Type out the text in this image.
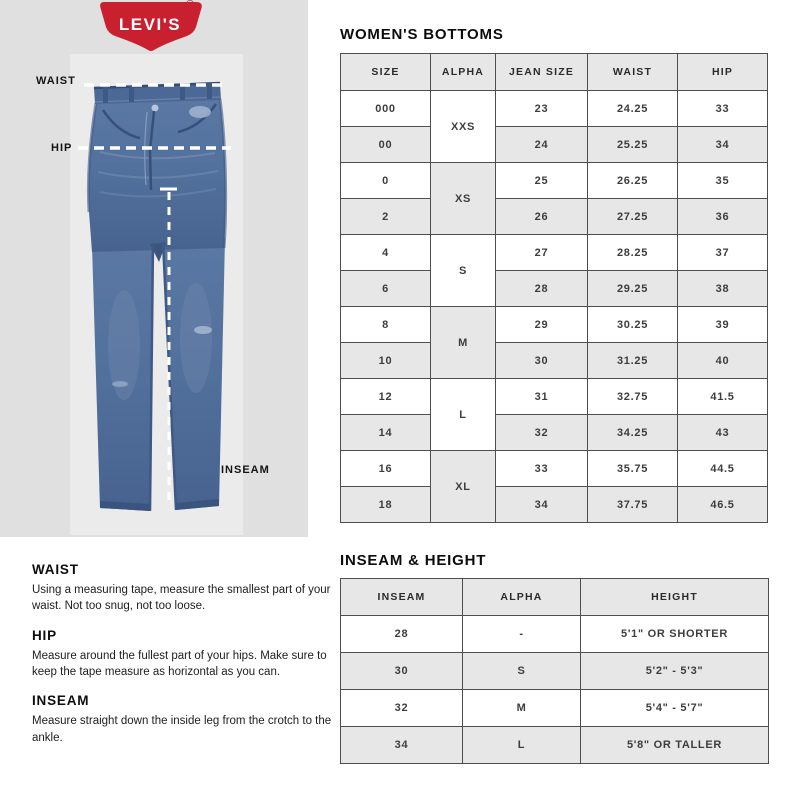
LEVI'S
®
WAIST
HIP
INSEAM
WOMEN'S BOTTOMS
SIZE	ALPHA	JEAN SIZE	WAIST	HIP
000	XXS	23	24.25	33
00		24	25.25	34
0	XS	25	26.25	35
2		26	27.25	36
4	S	27	28.25	37
6		28	29.25	38
8	M	29	30.25	39
10		30	31.25	40
12	L	31	32.75	41.5
14		32	34.25	43
16	XL	33	35.75	44.5
18		34	37.75	46.5
INSEAM & HEIGHT
INSEAM	ALPHA	HEIGHT
28	-	5'1" OR SHORTER
30	S	5'2" - 5'3"
32	M	5'4" - 5'7"
34	L	5'8" OR TALLER
WAIST

Using a measuring tape, measure the smallest part of your waist. Not too snug, not too loose.

HIP

Measure around the fullest part of your hips. Make sure to keep the tape measure as horizontal as you can.

INSEAM

Measure straight down the inside leg from the crotch to the ankle.
